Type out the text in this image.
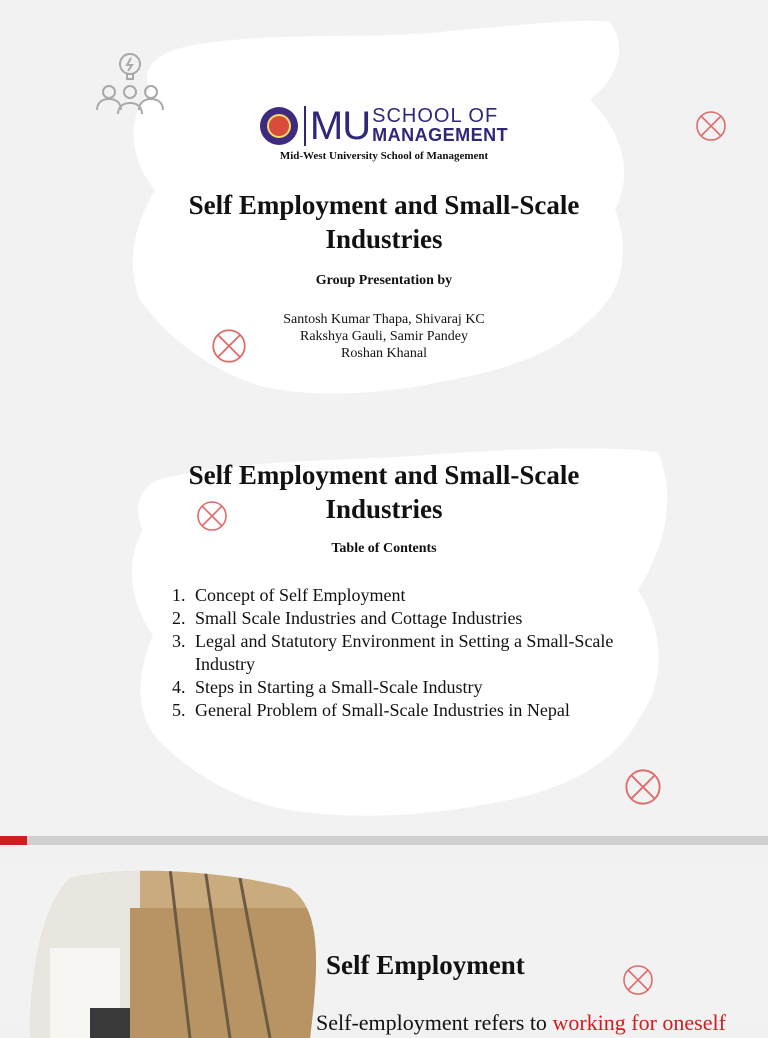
MU SCHOOL OF
MANAGEMENT
Mid-West University School of Management
Self Employment and Small-Scale
Industries
Group Presentation by
Santosh Kumar Thapa, Shivaraj KC
Rakshya Gauli, Samir Pandey
Roshan Khanal
Self Employment and Small-Scale
Industries
Table of Contents
1. Concept of Self Employment
2. Small Scale Industries and Cottage Industries
3. Legal and Statutory Environment in Setting a Small-Scale Industry
4. Steps in Starting a Small-Scale Industry
5. General Problem of Small-Scale Industries in Nepal
Self Employment
Self-employment refers to working for oneself
